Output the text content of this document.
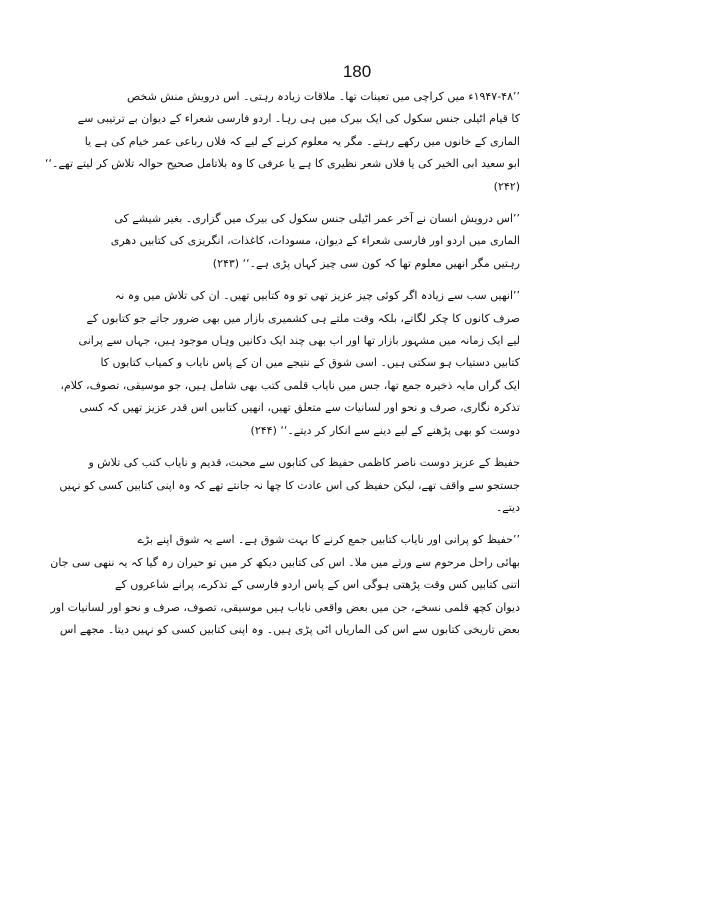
180

’’۱۹۴۷-۴۸ء میں کراچی میں تعینات تھا۔ ملاقات زیادہ رہتی۔ اس درویش منش شخص
کا قیام اٹیلی جنس سکول کی ایک بیرک میں ہی رہا۔ اردو فارسی شعراء کے دیوان بے ترتیبی سے
الماری کے خانوں میں رکھے رہتے۔ مگر یہ معلوم کرنے کے لیے کہ فلاں رباعی عمر خیام کی ہے یا
ابو سعید ابی الخیر کی یا فلاں شعر نظیری کا ہے یا عرفی کا وہ بلاتامل صحیح حوالہ تلاش کر لیتے تھے۔‘‘
(۲۴۲)

’’اس درویش انسان نے آخر عمر اٹیلی جنس سکول کی بیرک میں گزاری۔ بغیر شیشے کی
الماری میں اردو اور فارسی شعراء کے دیوان، مسودات، کاغذات، انگریزی کی کتابیں دھری
رہتیں مگر انھیں معلوم تھا کہ کون سی چیز کہاں پڑی ہے۔‘‘ (۲۴۳)

’’انھیں سب سے زیادہ اگر کوئی چیز عزیز تھی تو وہ کتابیں تھیں۔ ان کی تلاش میں وہ نہ
صرف کانوں کا چکر لگاتے، بلکہ وقت ملتے ہی کشمیری بازار میں بھی ضرور جاتے جو کتابوں کے
لیے ایک زمانہ میں مشہور بازار تھا اور اب بھی چند ایک دکانیں وہاں موجود ہیں، جہاں سے پرانی
کتابیں دستیاب ہو سکتی ہیں۔ اسی شوق کے نتیجے میں ان کے پاس نایاب و کمیاب کتابوں کا
ایک گراں مایہ ذخیرہ جمع تھا، جس میں نایاب قلمی کتب بھی شامل ہیں، جو موسیقی، تصوف، کلام،
تذکرہ نگاری، صرف و نحو اور لسانیات سے متعلق تھیں، انھیں کتابیں اس قدر عزیز تھیں کہ کسی
دوست کو بھی پڑھنے کے لیے دینے سے انکار کر دیتے۔‘‘ (۲۴۴)

حفیظ کے عزیز دوست ناصر کاظمی حفیظ کی کتابوں سے محبت، قدیم و نایاب کتب کی تلاش و
جستجو سے واقف تھے، لیکن حفیظ کی اس عادت کا چھا نہ جانتے تھے کہ وہ اپنی کتابیں کسی کو نہیں
دیتے۔

’’حفیظ کو پرانی اور نایاب کتابیں جمع کرنے کا بہت شوق ہے۔ اسے یہ شوق اپنے بڑے
بھائی راحل مرحوم سے ورثے میں ملا۔ اس کی کتابیں دیکھ کر میں تو حیران رہ گیا کہ یہ ننھی سی جان
اتنی کتابیں کس وقت پڑھتی ہوگی اس کے پاس اردو فارسی کے تذکرے، پرانے شاعروں کے
دیوان کچھ قلمی نسخے، جن میں بعض واقعی نایاب ہیں موسیقی، تصوف، صرف و نحو اور لسانیات اور
بعض تاریخی کتابوں سے اس کی الماریاں اٹی پڑی ہیں۔ وہ اپنی کتابیں کسی کو نہیں دیتا۔ مجھے اس
